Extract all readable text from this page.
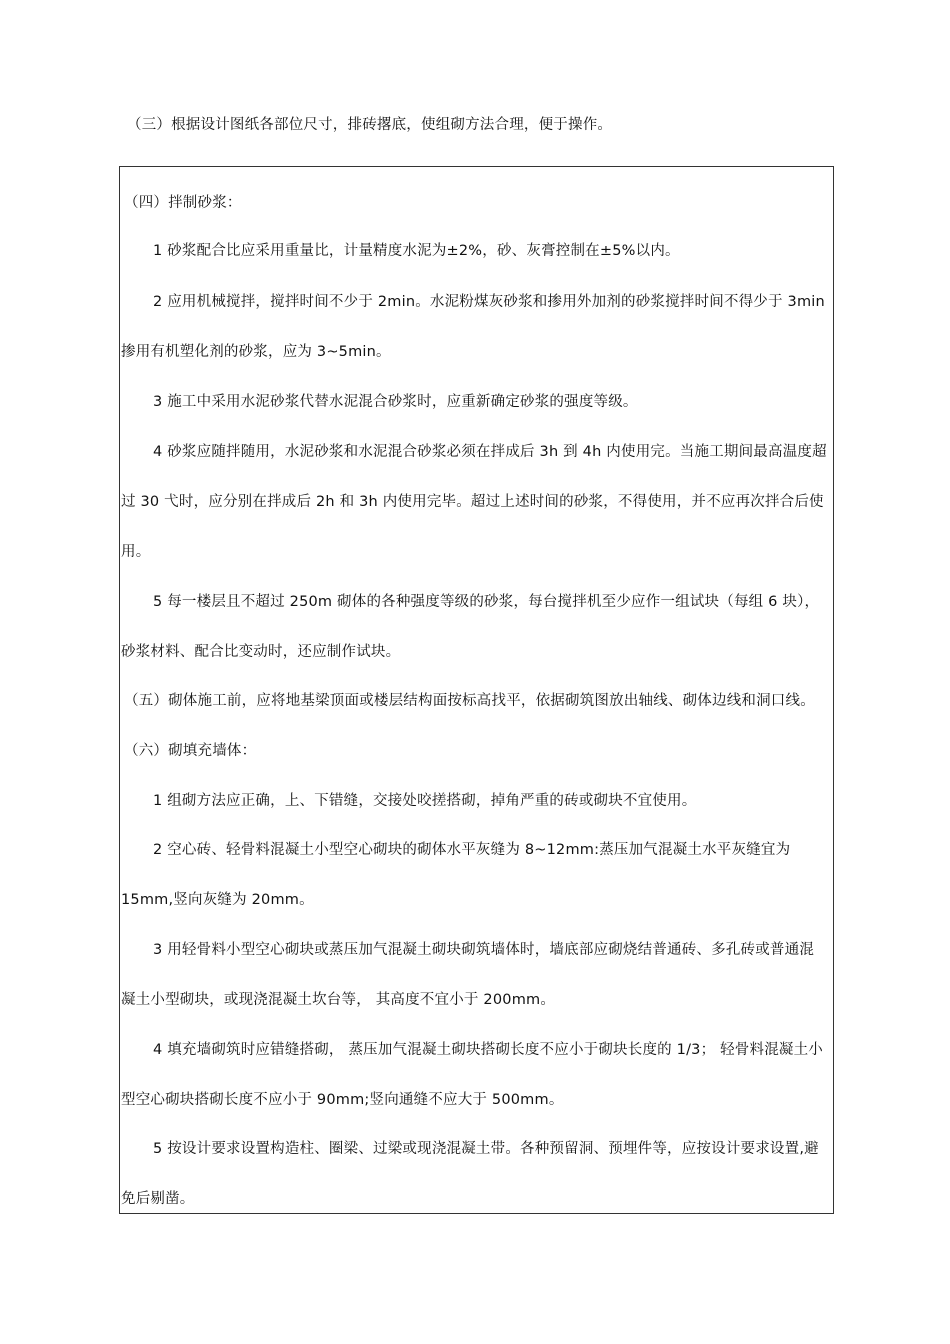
（三）根据设计图纸各部位尺寸，排砖撂底，使组砌方法合理，便于操作。
（四）拌制砂浆：
1 砂浆配合比应采用重量比，计量精度水泥为±2%，砂、灰膏控制在±5%以内。
2 应用机械搅拌，搅拌时间不少于 2min。水泥粉煤灰砂浆和掺用外加剂的砂浆搅拌时间不得少于 3min
掺用有机塑化剂的砂浆，应为 3~5min。
3 施工中采用水泥砂浆代替水泥混合砂浆时，应重新确定砂浆的强度等级。
4 砂浆应随拌随用，水泥砂浆和水泥混合砂浆必须在拌成后 3h 到 4h 内使用完。当施工期间最高温度超
过 30 弋时，应分别在拌成后 2h 和 3h 内使用完毕。超过上述时间的砂浆，不得使用，并不应再次拌合后使
用。
5 每一楼层且不超过 250m 砌体的各种强度等级的砂浆，每台搅拌机至少应作一组试块（每组 6 块），
砂浆材料、配合比变动时，还应制作试块。
（五）砌体施工前，应将地基梁顶面或楼层结构面按标高找平，依据砌筑图放出轴线、砌体边线和洞口线。
（六）砌填充墙体：
1 组砌方法应正确，上、下错缝，交接处咬搓搭砌，掉角严重的砖或砌块不宜使用。
2 空心砖、轻骨料混凝土小型空心砌块的砌体水平灰缝为 8~12mm:蒸压加气混凝土水平灰缝宜为
15mm,竖向灰缝为 20mm。
3 用轻骨料小型空心砌块或蒸压加气混凝土砌块砌筑墙体时，墙底部应砌烧结普通砖、多孔砖或普通混
凝土小型砌块，或现浇混凝土坎台等， 其高度不宜小于 200mm。
4 填充墙砌筑时应错缝搭砌， 蒸压加气混凝土砌块搭砌长度不应小于砌块长度的 1/3； 轻骨料混凝土小
型空心砌块搭砌长度不应小于 90mm;竖向通缝不应大于 500mm。
5 按设计要求设置构造柱、圈梁、过梁或现浇混凝土带。各种预留洞、预埋件等，应按设计要求设置,避
免后剔凿。
